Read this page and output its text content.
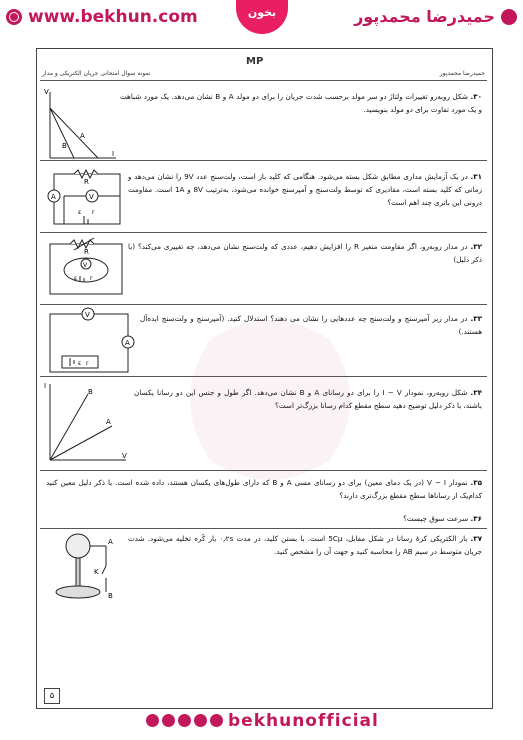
www.bekhun.com	بخون	حمیدرضا محمدپور
نمونه سوال امتحانی جریان الکتریکی و مدار
MP
حمیدرضا محمدپور
۳۰. شکل روبه‌رو تغییرات ولتاژ دو سر مولد برحسب شدت جریان را برای دو مولد A و B نشان می‌دهد. یک مورد شباهت و یک مورد تفاوت برای دو مولد بنویسید.
V
I
A
B
۳۱. در یک آزمایش مداری مطابق شکل بسته می‌شود. هنگامی که کلید باز است، ولت‌سنج عدد 9V را نشان می‌دهد و زمانی که کلید بسته است، مقادیری که توسط ولت‌سنج و آمپرسنج خوانده می‌شود، به‌ترتیب 8V و 1A است. مقاومت درونی این باتری چند اهم است؟
R
A	V
ε r
۳۲. در مدار روبه‌رو، اگر مقاومت متغیر R را افزایش دهیم، عددی که ولت‌سنج نشان می‌دهد، چه تغییری می‌کند؟ (با ذکر دلیل)
R
V
ε r
۳۳. در مدار زیر آمپرسنج و ولت‌سنج چه عددهایی را نشان می دهند؟ استدلال کنید. (آمپرسنج و ولت‌سنج ایده‌آل هستند.)
V
A
ε r
۳۴. شکل روبه‌رو، نمودار I − V را برای دو رسانای A و B نشان می‌دهد. اگر طول و جنس این دو رسانا یکسان باشند، با ذکر دلیل توضیح دهید سطح مقطع کدام رسانا بزرگ‌تر است؟
I
V
B
A
۳۵. نمودار V − I (در یک دمای معین) برای دو رسانای مسی A و B که دارای طول‌های یکسان هستند، داده شده است. با ذکر دلیل معین کنید کدام‌یک از رساناها سطح مقطع بزرگ‌تری دارند؟
۳۶. سرعت سوق چیست؟
۳۷. بار الکتریکی کرهٔ رسانا در شکل مقابل، 5Cμ است. با بستن کلید، در مدت ۰٫۲s بار کُره تخلیه می‌شود. شدت جریان متوسط در سیم AB را محاسبه کنید و جهت آن را مشخص کنید.
A
K
B
۵
bekhunofficial
